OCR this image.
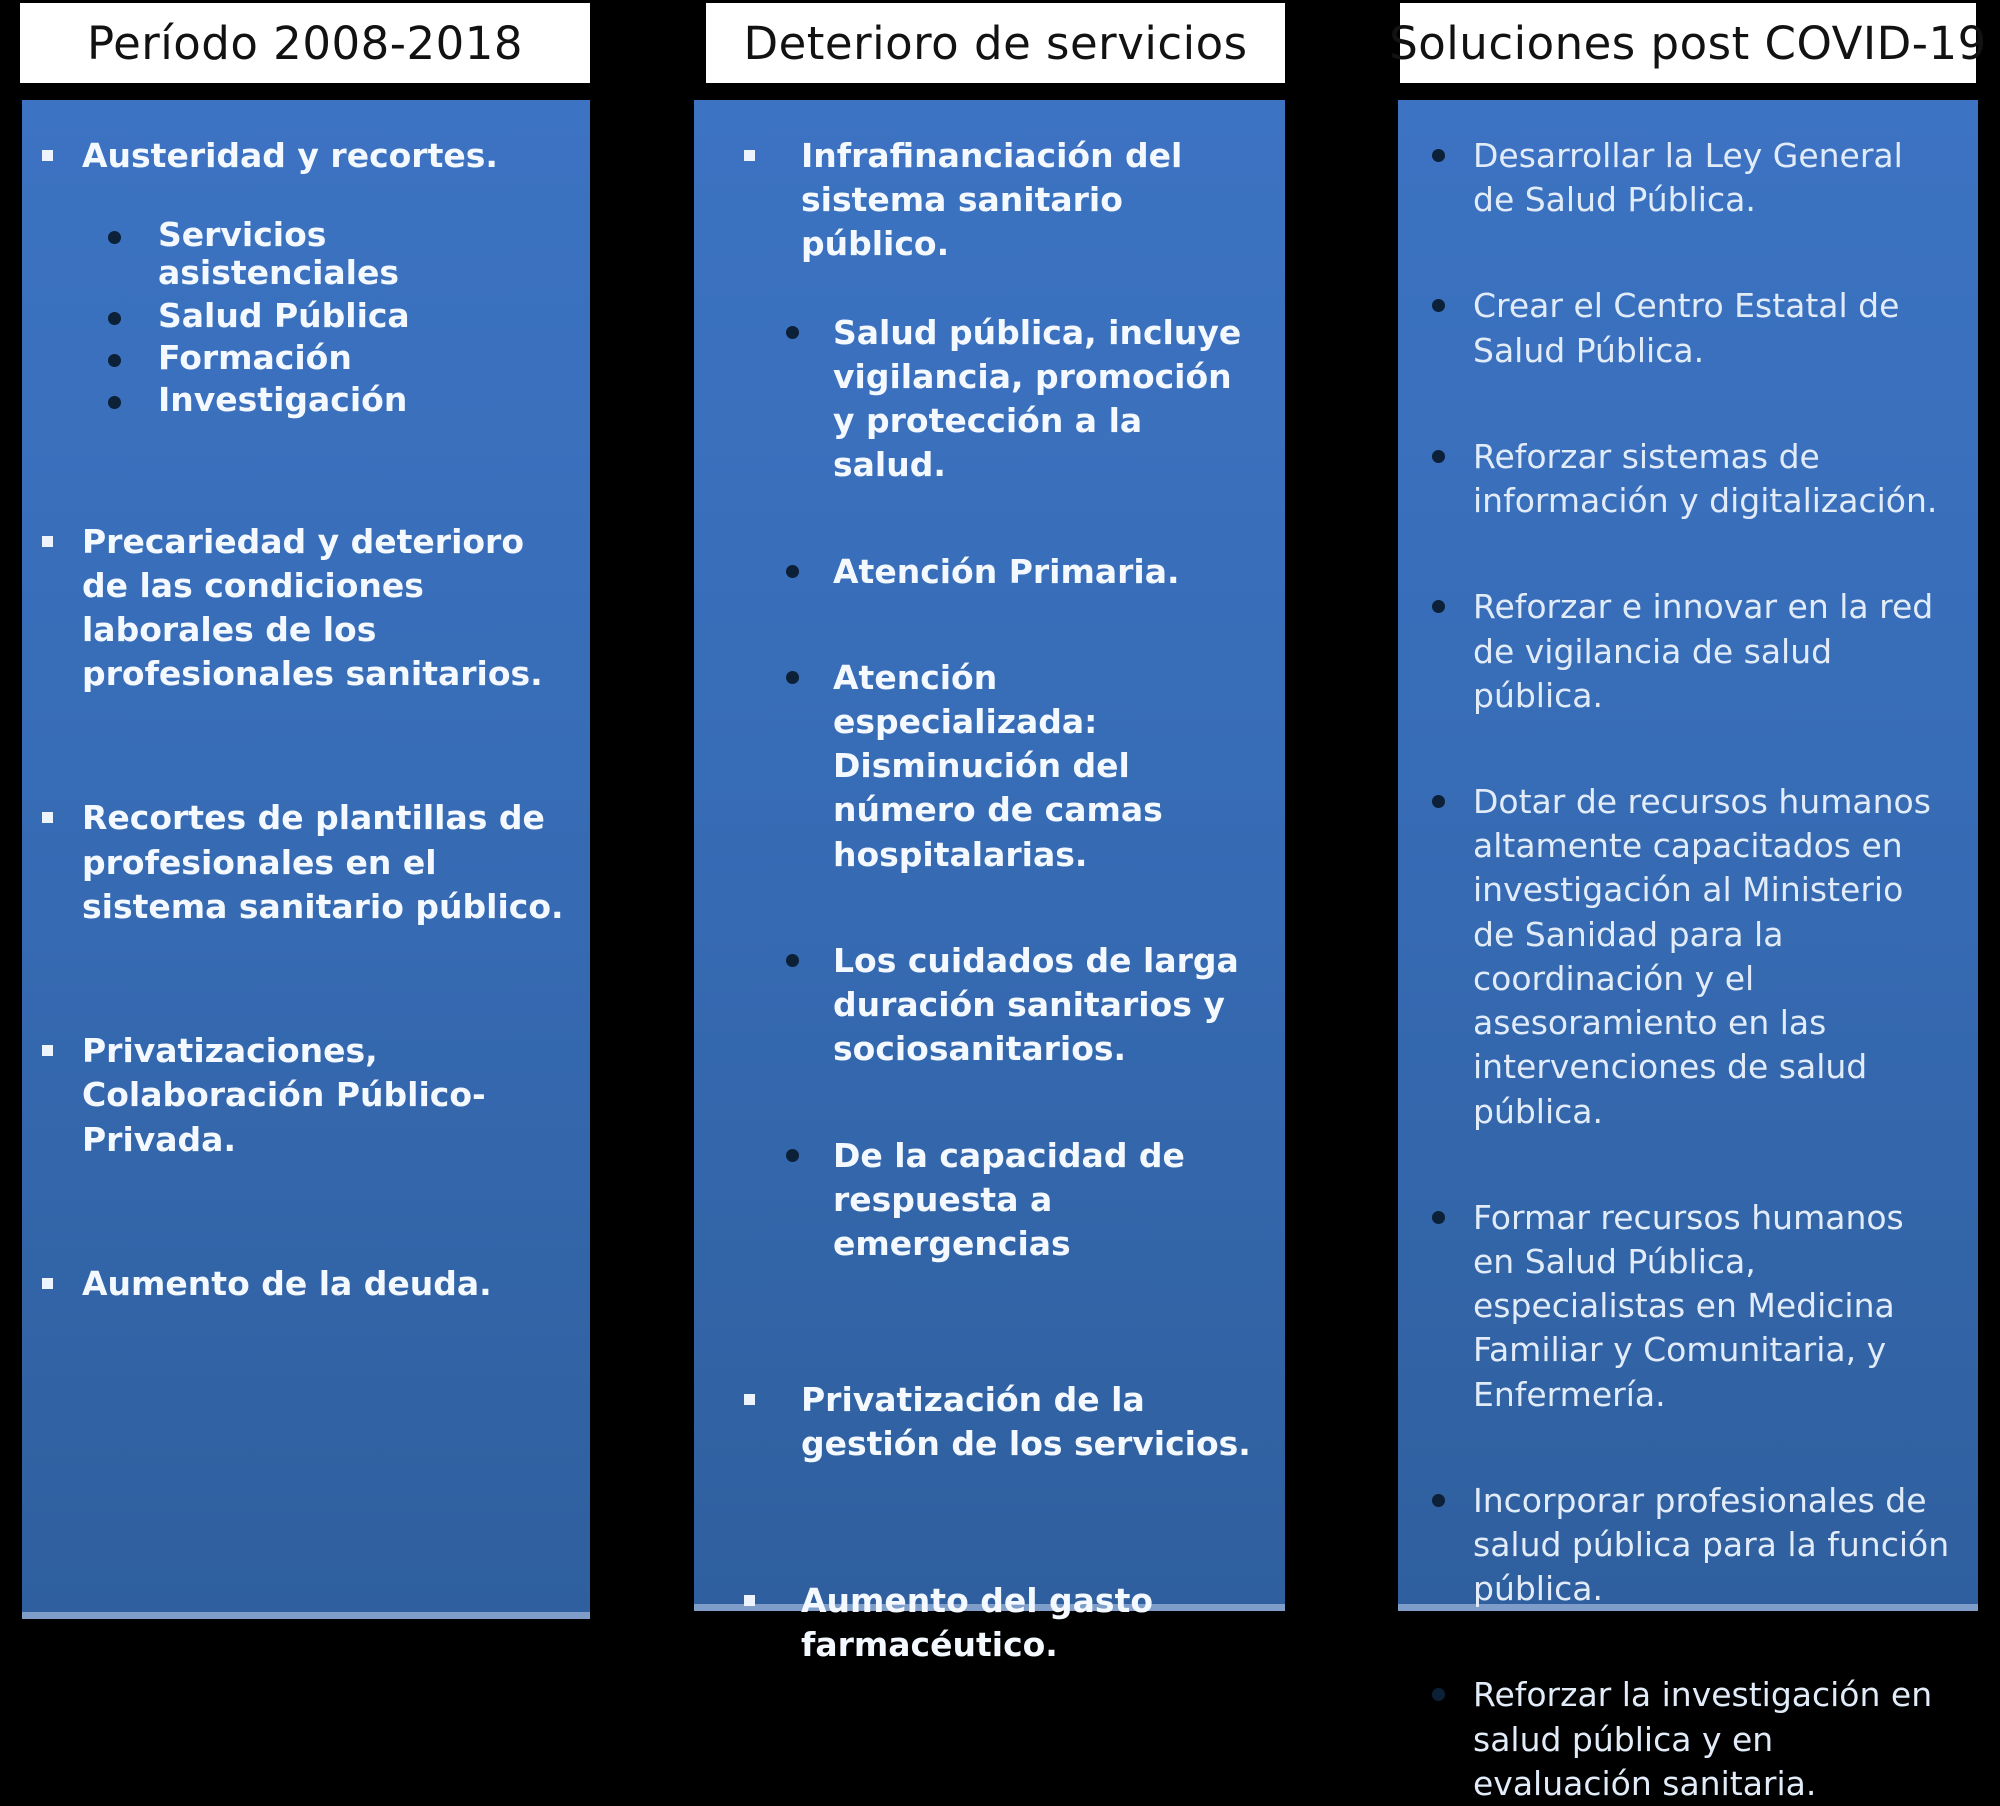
Período 2008-2018	Deterioro de servicios	Soluciones post COVID-19
Austeridad y recortes.
Servicios asistenciales
Salud Pública
Formación
Investigación
Precariedad y deterioro de las condiciones laborales de los profesionales sanitarios.
Recortes de plantillas de profesionales en el sistema sanitario público.
Privatizaciones, Colaboración Público-Privada.
Aumento de la deuda.
Infrafinanciación del sistema sanitario público.
Salud pública, incluye vigilancia, promoción y protección a la salud.
Atención Primaria.
Atención especializada: Disminución del número de camas hospitalarias.
Los cuidados de larga duración sanitarios y sociosanitarios.
De la capacidad de respuesta a emergencias
Privatización de la gestión de los servicios.
Aumento del gasto farmacéutico.
Desarrollar la Ley General de Salud Pública.
Crear el Centro Estatal de Salud Pública.
Reforzar sistemas de información y digitalización.
Reforzar e innovar en la red de vigilancia de salud pública.
Dotar de recursos humanos altamente capacitados en investigación al Ministerio de Sanidad para la coordinación y el asesoramiento en las intervenciones de salud pública.
Formar recursos humanos en Salud Pública, especialistas en Medicina Familiar y Comunitaria, y Enfermería.
Incorporar profesionales de salud pública para la función pública.
Reforzar la investigación en salud pública y en evaluación sanitaria.
